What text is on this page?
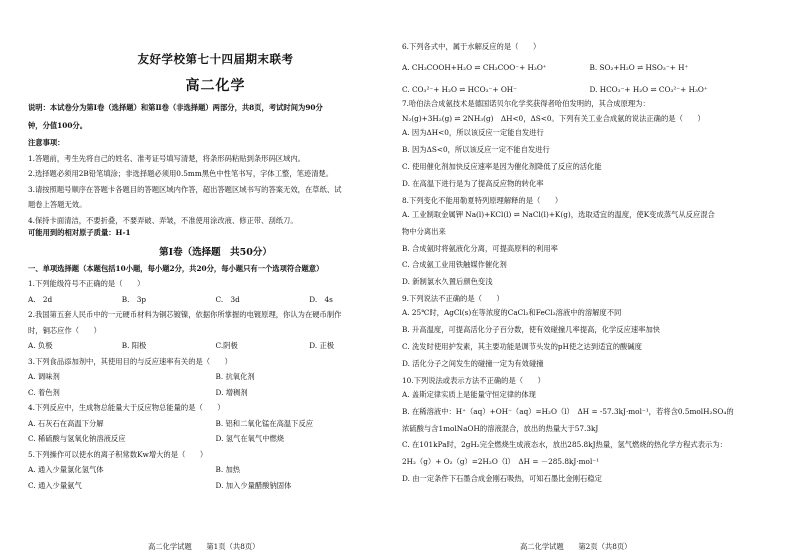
友好学校第七十四届期末联考
高二化学

说明：本试卷分为第Ⅰ卷（选择题）和第Ⅱ卷（非选择题）两部分，共8页，考试时间为90分

钟，分值100分。

注意事项：

1.答题前，考生先将自己的姓名、准考证号填写清楚，将条形码粘贴到条形码区域内。

2.选择题必须用2B铅笔填涂；非选择题必须用0.5mm黑色中性笔书写，字体工整，笔迹清楚。

3.请按照题号顺序在答题卡各题目的答题区域内作答，超出答题区域书写的答案无效，在草纸、试

题卷上答题无效。

4.保持卡面清洁，不要折叠，不要弄破、弄皱，不准使用涂改液、修正带、刮纸刀。

可能用到的相对原子质量：H-1

第Ⅰ卷（选择题　共50分）

一、单项选择题（本题包括10小题，每小题2分，共20分，每小题只有一个选项符合题意）

1.下列能级符号不正确的是（　　）

A.　2d	B.　3p	C.　3d	D.　4s

2.我国第五套人民币中的一元硬币材料为铜芯镀镍，依据你所掌握的电镀原理，你认为在硬币制作

时，铜芯应作（　　）

A. 负极	B. 阳极	C.阴极	D. 正极

3.下列食品添加剂中，其使用目的与反应速率有关的是（　　）

A. 调味剂	B. 抗氧化剂
C. 着色剂	D. 增稠剂

4.下列反应中，生成物总能量大于反应物总能量的是（　　）

A. 石灰石在高温下分解	B. 铝和二氧化锰在高温下反应
C. 稀硫酸与氢氧化钠溶液反应	D. 氢气在氧气中燃烧

5.下列操作可以使水的离子积常数Kw增大的是（　　）

A. 通入少量氯化氢气体	B. 加热
C. 通入少量氨气	D. 加入少量醋酸钠固体

6.下列各式中，属于水解反应的是（　　）

A. CH₃COOH+H₂O ⇌ CH₃COO⁻+ H₃O⁺	B. SO₂+H₂O ⇌ HSO₃⁻+ H⁺
C. CO₃²⁻+ H₂O ⇌ HCO₃⁻+ OH⁻	D. HCO₃⁻+ H₂O ⇌ CO₃²⁻+ H₃O⁺

7.哈伯法合成氨技术是德国诺贝尔化学奖获得者哈伯发明的，其合成原理为：

N₂(g)+3H₂(g) ⇌ 2NH₃(g)　ΔH<0，ΔS<0。下列有关工业合成氨的说法正确的是（　　）

A. 因为ΔH<0，所以该反应一定能自发进行

B. 因为ΔS<0，所以该反应一定不能自发进行

C. 使用催化剂加快反应速率是因为催化剂降低了反应的活化能

D. 在高温下进行是为了提高反应物的转化率

8.下列变化不能用勒夏特列原理解释的是（　　）

A. 工业制取金属钾 Na(l)+KCl(l) ⇌ NaCl(l)+K(g)，选取适宜的温度，使K变成蒸气从反应混合

物中分离出来

B. 合成氨时将氨液化分离，可提高原料的利用率

C. 合成氨工业用铁触媒作催化剂

D. 新制氯水久置后颜色变浅

9.下列说法不正确的是（　　）

A. 25℃时，AgCl(s)在等浓度的CaCl₂和FeCl₃溶液中的溶解度不同

B. 升高温度，可提高活化分子百分数，使有效碰撞几率提高，化学反应速率加快

C. 洗发时使用护发素，其主要功能是调节头发的pH使之达到适宜的酸碱度

D. 活化分子之间发生的碰撞一定为有效碰撞

10.下列说法或表示方法不正确的是（　　）

A. 盖斯定律实质上是能量守恒定律的体现

B. 在稀溶液中：H⁺（aq）+OH⁻（aq）=H₂O（l）　ΔH = -57.3kJ·mol⁻¹，若将含0.5molH₂SO₄的

浓硫酸与含1molNaOH的溶液混合，放出的热量大于57.3kJ

C. 在101kPa时，2gH₂完全燃烧生成液态水，放出285.8kJ热量，氢气燃烧的热化学方程式表示为：

2H₂（g）+ O₂（g）=2H₂O（l）　ΔH = －285.8kJ·mol⁻¹

D. 由一定条件下石墨合成金刚石吸热，可知石墨比金刚石稳定

高二化学试题　　第1页（共8页）	高二化学试题　　第2页（共8页）
